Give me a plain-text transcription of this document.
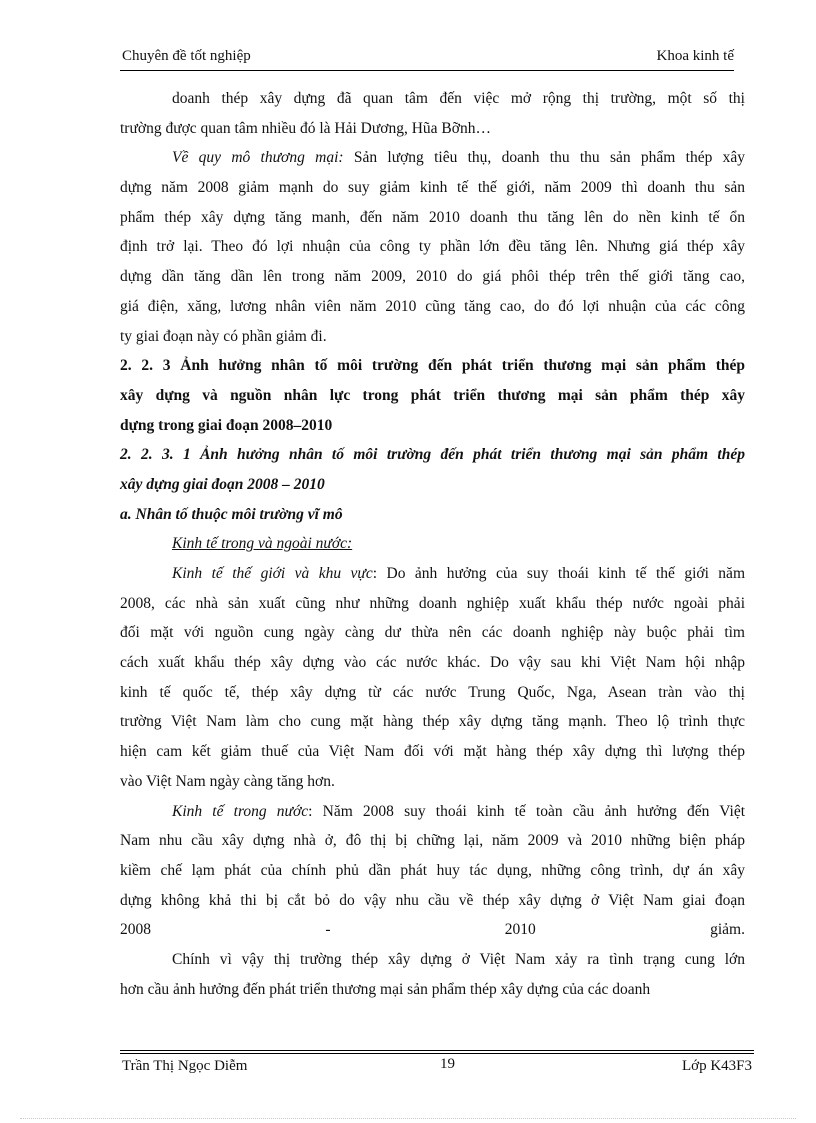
Chuyên đề tốt nghiệp	Khoa kinh tế
doanh thép xây dựng đã quan tâm đến việc mở rộng thị trường, một số thị
trường được quan tâm nhiều đó là Hải Dương, Hũa Bỡnh…
Về quy mô thương mại: Sản lượng tiêu thụ, doanh thu thu sản phẩm thép xây
dựng năm 2008 giảm mạnh do suy giảm kinh tế thế giới, năm 2009 thì doanh thu sản
phẩm thép xây dựng tăng manh, đến năm 2010 doanh thu tăng lên do nền kinh tế ổn
định trở lại. Theo đó lợi nhuận của công ty phần lớn đều tăng lên. Nhưng giá thép xây
dựng dần tăng dần lên trong năm 2009, 2010 do giá phôi thép trên thế giới tăng cao,
giá điện, xăng, lương nhân viên năm 2010 cũng tăng cao, do đó lợi nhuận của các công
ty giai đoạn này có phần giảm đi.
2. 2. 3 Ảnh hưởng nhân tố môi trường đến phát triển thương mại sản phẩm thép
xây dựng và nguồn nhân lực trong phát triển thương mại sản phẩm thép xây
dựng trong giai đoạn 2008–2010
2. 2. 3. 1 Ảnh hưởng nhân tố môi trường đến phát triển thương mại sản phẩm thép
xây dựng giai đoạn 2008 – 2010
a. Nhân tố thuộc môi trường vĩ mô
Kinh tế trong và ngoài nước:
Kinh tế thế giới và khu vực: Do ảnh hưởng của suy thoái kinh tế thế giới năm
2008, các nhà sản xuất cũng như những doanh nghiệp xuất khẩu thép nước ngoài phải
đối mặt với nguồn cung ngày càng dư thừa nên các doanh nghiệp này buộc phải tìm
cách xuất khẩu thép xây dựng vào các nước khác. Do vậy sau khi Việt Nam hội nhập
kinh tế quốc tế, thép xây dựng từ các nước Trung Quốc, Nga, Asean tràn vào thị
trường Việt Nam làm cho cung mặt hàng thép xây dựng tăng mạnh. Theo lộ trình thực
hiện cam kết giảm thuế của Việt Nam đối với mặt hàng thép xây dựng thì lượng thép
vào Việt Nam ngày càng tăng hơn.
Kinh tế trong nước: Năm 2008 suy thoái kinh tế toàn cầu ảnh hưởng đến Việt
Nam nhu cầu xây dựng nhà ở, đô thị bị chững lại, năm 2009 và 2010 những biện pháp
kiềm chế lạm phát của chính phủ dần phát huy tác dụng, những công trình, dự án xây
dựng không khả thi bị cắt bỏ do vậy nhu cầu về thép xây dựng ở Việt Nam giai đoạn
2008	-	2010	giảm.
Chính vì vậy thị trường thép xây dựng ở Việt Nam xảy ra tình trạng cung lớn
hơn cầu ảnh hưởng đến phát triển thương mại sản phẩm thép xây dựng của các doanh
Trần Thị Ngọc Diễm	19	Lớp K43F3
